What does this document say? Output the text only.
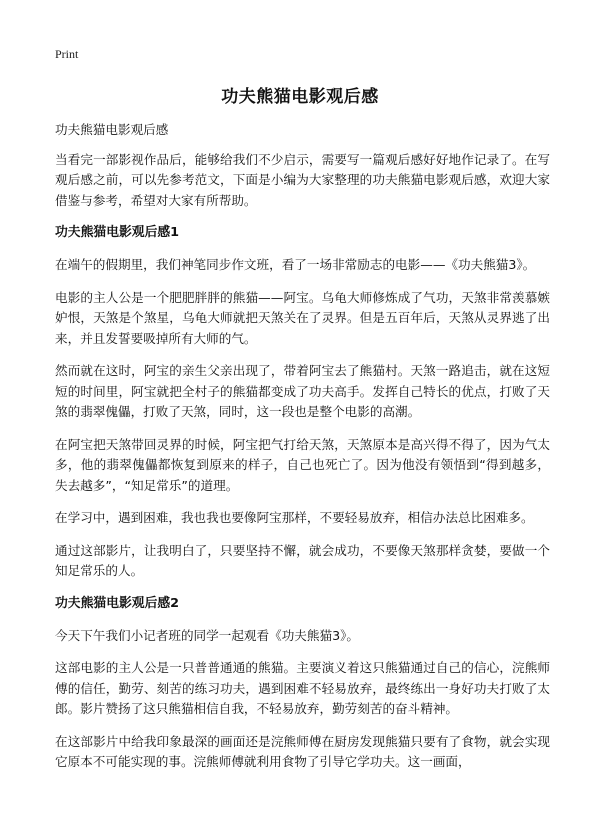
Print
功夫熊猫电影观后感

功夫熊猫电影观后感

当看完一部影视作品后，能够给我们不少启示，需要写一篇观后感好好地作记录了。在写观后感之前，可以先参考范文，下面是小编为大家整理的功夫熊猫电影观后感，欢迎大家借鉴与参考，希望对大家有所帮助。

功夫熊猫电影观后感1

在端午的假期里，我们神笔同步作文班，看了一场非常励志的电影——《功夫熊猫3》。

电影的主人公是一个肥肥胖胖的熊猫——阿宝。乌龟大师修炼成了气功，天煞非常羡慕嫉妒恨，天煞是个煞星，乌龟大师就把天煞关在了灵界。但是五百年后，天煞从灵界逃了出来，并且发誓要吸掉所有大师的气。

然而就在这时，阿宝的亲生父亲出现了，带着阿宝去了熊猫村。天煞一路追击，就在这短短的时间里，阿宝就把全村子的熊猫都变成了功夫高手。发挥自己特长的优点，打败了天煞的翡翠傀儡，打败了天煞，同时，这一段也是整个电影的高潮。

在阿宝把天煞带回灵界的时候，阿宝把气打给天煞，天煞原本是高兴得不得了，因为气太多，他的翡翠傀儡都恢复到原来的样子，自己也死亡了。因为他没有领悟到“得到越多，失去越多”，“知足常乐”的道理。

在学习中，遇到困难，我也我也要像阿宝那样，不要轻易放弃，相信办法总比困难多。

通过这部影片，让我明白了，只要坚持不懈，就会成功，不要像天煞那样贪婪，要做一个知足常乐的人。

功夫熊猫电影观后感2

今天下午我们小记者班的同学一起观看《功夫熊猫3》。

这部电影的主人公是一只普普通通的熊猫。主要演义着这只熊猫通过自己的信心，浣熊师傅的信任，勤劳、刻苦的练习功夫，遇到困难不轻易放弃，最终练出一身好功夫打败了太郎。影片赞扬了这只熊猫相信自我，不轻易放弃，勤劳刻苦的奋斗精神。

在这部影片中给我印象最深的画面还是浣熊师傅在厨房发现熊猫只要有了食物，就会实现它原本不可能实现的事。浣熊师傅就利用食物了引导它学功夫。这一画面，
